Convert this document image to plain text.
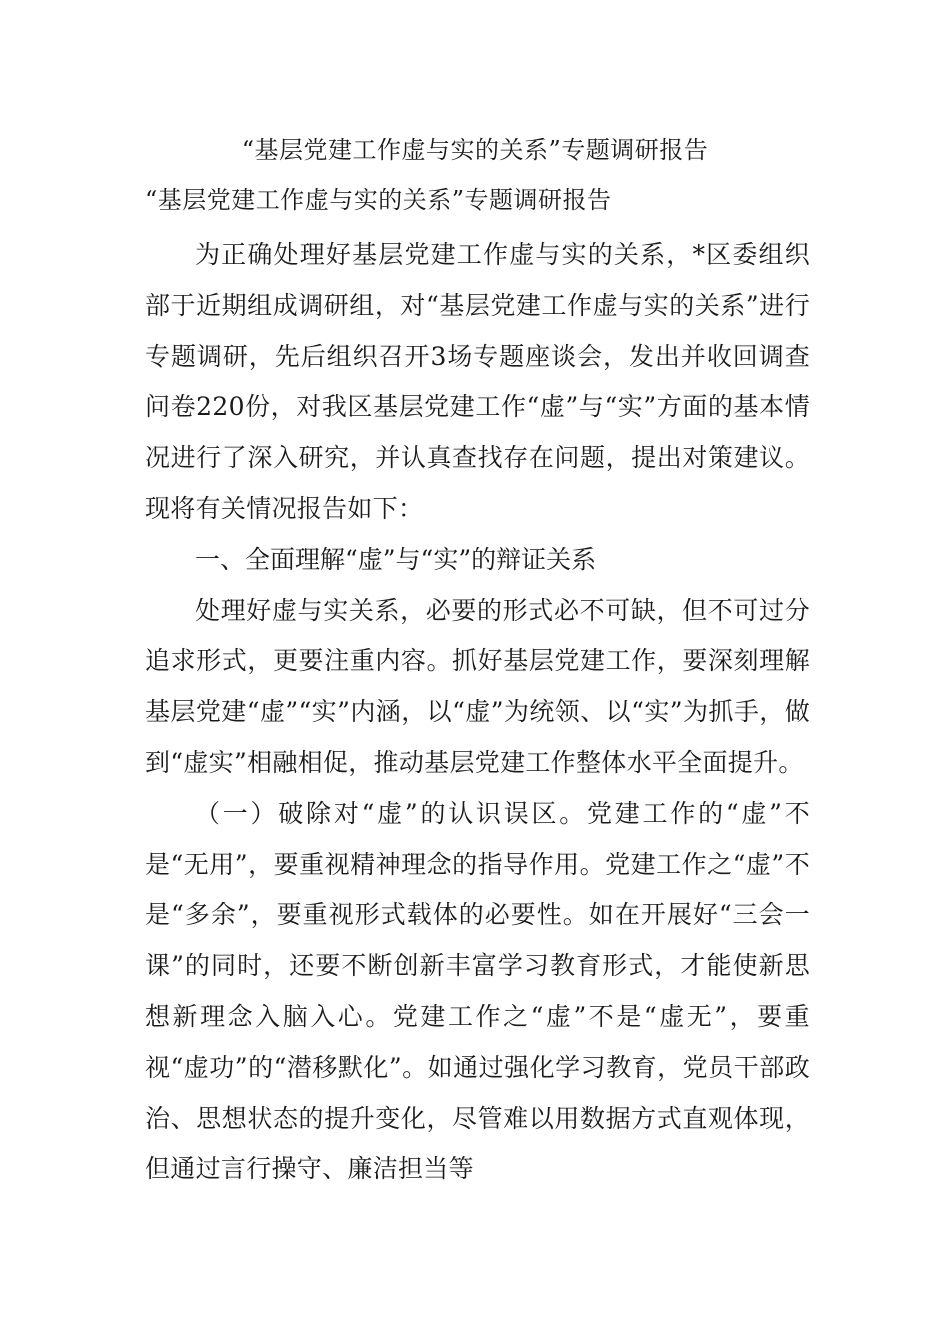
“基层党建工作虚与实的关系”专题调研报告
“基层党建工作虚与实的关系”专题调研报告

为正确处理好基层党建工作虚与实的关系，*区委组织部于近期组成调研组，对“基层党建工作虚与实的关系”进行专题调研，先后组织召开3场专题座谈会，发出并收回调查问卷220份，对我区基层党建工作“虚”与“实”方面的基本情况进行了深入研究，并认真查找存在问题，提出对策建议。现将有关情况报告如下：

一、全面理解“虚”与“实”的辩证关系

处理好虚与实关系，必要的形式必不可缺，但不可过分追求形式，更要注重内容。抓好基层党建工作，要深刻理解基层党建“虚”“实”内涵，以“虚”为统领、以“实”为抓手，做到“虚实”相融相促，推动基层党建工作整体水平全面提升。

（一）破除对“虚”的认识误区。党建工作的“虚”不是“无用”，要重视精神理念的指导作用。党建工作之“虚”不是“多余”，要重视形式载体的必要性。如在开展好“三会一课”的同时，还要不断创新丰富学习教育形式，才能使新思想新理念入脑入心。党建工作之“虚”不是“虚无”，要重视“虚功”的“潜移默化”。如通过强化学习教育，党员干部政治、思想状态的提升变化，尽管难以用数据方式直观体现，但通过言行操守、廉洁担当等
